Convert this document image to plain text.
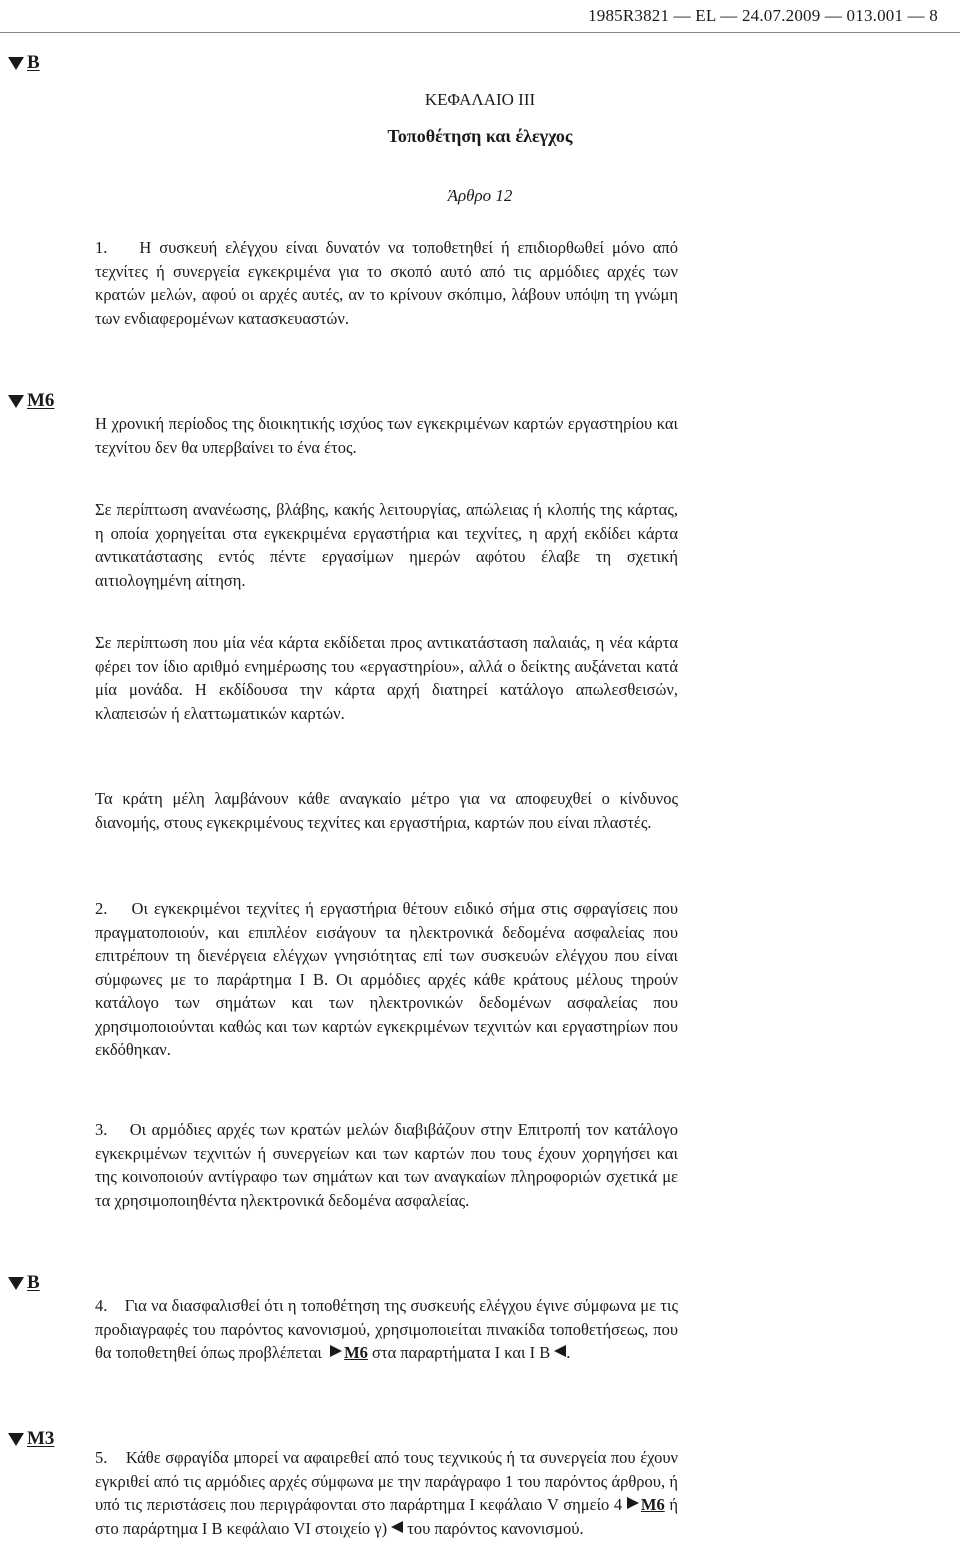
1985R3821 — EL — 24.07.2009 — 013.001 — 8
B
ΚΕΦΑΛΑΙΟ III
Τοποθέτηση και έλεγχος
Άρθρο 12
1. Η συσκευή ελέγχου είναι δυνατόν να τοποθετηθεί ή επιδιορθωθεί μόνο από τεχνίτες ή συνεργεία εγκεκριμένα για το σκοπό αυτό από τις αρμόδιες αρχές των κρατών μελών, αφού οι αρχές αυτές, αν το κρίνουν σκόπιμο, λάβουν υπόψη τη γνώμη των ενδιαφερομένων κατασκευαστών.
M6
Η χρονική περίοδος της διοικητικής ισχύος των εγκεκριμένων καρτών εργαστηρίου και τεχνίτου δεν θα υπερβαίνει το ένα έτος.
Σε περίπτωση ανανέωσης, βλάβης, κακής λειτουργίας, απώλειας ή κλοπής της κάρτας, η οποία χορηγείται στα εγκεκριμένα εργαστήρια και τεχνίτες, η αρχή εκδίδει κάρτα αντικατάστασης εντός πέντε εργασίμων ημερών αφότου έλαβε τη σχετική αιτιολογημένη αίτηση.
Σε περίπτωση που μία νέα κάρτα εκδίδεται προς αντικατάσταση παλαιάς, η νέα κάρτα φέρει τον ίδιο αριθμό ενημέρωσης του «εργαστηρίου», αλλά ο δείκτης αυξάνεται κατά μία μονάδα. Η εκδίδουσα την κάρτα αρχή διατηρεί κατάλογο απωλεσθεισών, κλαπεισών ή ελαττωματικών καρτών.
Τα κράτη μέλη λαμβάνουν κάθε αναγκαίο μέτρο για να αποφευχθεί ο κίνδυνος διανομής, στους εγκεκριμένους τεχνίτες και εργαστήρια, καρτών που είναι πλαστές.
2. Οι εγκεκριμένοι τεχνίτες ή εργαστήρια θέτουν ειδικό σήμα στις σφραγίσεις που πραγματοποιούν, και επιπλέον εισάγουν τα ηλεκτρονικά δεδομένα ασφαλείας που επιτρέπουν τη διενέργεια ελέγχων γνησιότητας επί των συσκευών ελέγχου που είναι σύμφωνες με το παράρτημα I Β. Οι αρμόδιες αρχές κάθε κράτους μέλους τηρούν κατάλογο των σημάτων και των ηλεκτρονικών δεδομένων ασφαλείας που χρησιμοποιούνται καθώς και των καρτών εγκεκριμένων τεχνιτών και εργαστηρίων που εκδόθηκαν.
3. Οι αρμόδιες αρχές των κρατών μελών διαβιβάζουν στην Επιτροπή τον κατάλογο εγκεκριμένων τεχνιτών ή συνεργείων και των καρτών που τους έχουν χορηγήσει και της κοινοποιούν αντίγραφο των σημάτων και των αναγκαίων πληροφοριών σχετικά με τα χρησιμοποιηθέντα ηλεκτρονικά δεδομένα ασφαλείας.
B
4. Για να διασφαλισθεί ότι η τοποθέτηση της συσκευής ελέγχου έγινε σύμφωνα με τις προδιαγραφές του παρόντος κανονισμού, χρησιμοποιείται πινακίδα τοποθετήσεως, που θα τοποθετηθεί όπως προβλέπεται M6 στα παραρτήματα I και I Β .
M3
5. Κάθε σφραγίδα μπορεί να αφαιρεθεί από τους τεχνικούς ή τα συνεργεία που έχουν εγκριθεί από τις αρμόδιες αρχές σύμφωνα με την παράγραφο 1 του παρόντος άρθρου, ή υπό τις περιστάσεις που περιγράφονται στο παράρτημα I κεφάλαιο V σημείο 4 M6 ή στο παράρτημα I B κεφάλαιο VI στοιχείο γ) του παρόντος κανονισμού.
